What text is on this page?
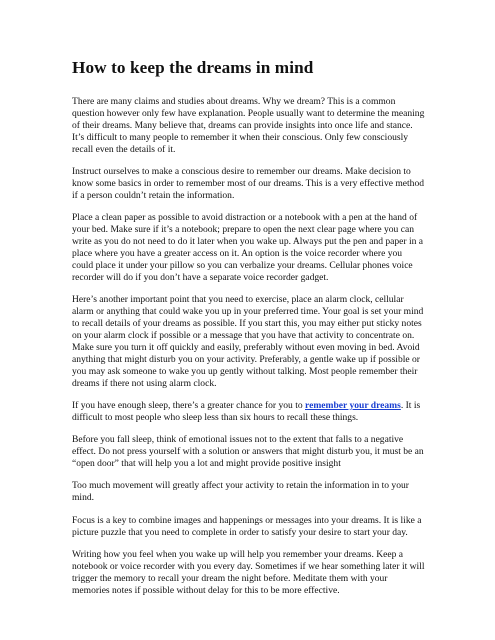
How to keep the dreams in mind

There are many claims and studies about dreams. Why we dream? This is a common question however only few have explanation. People usually want to determine the meaning of their dreams. Many believe that, dreams can provide insights into once life and stance. It’s difficult to many people to remember it when their conscious. Only few consciously recall even the details of it.

Instruct ourselves to make a conscious desire to remember our dreams. Make decision to know some basics in order to remember most of our dreams. This is a very effective method if a person couldn’t retain the information.

Place a clean paper as possible to avoid distraction or a notebook with a pen at the hand of your bed. Make sure if it’s a notebook; prepare to open the next clear page where you can write as you do not need to do it later when you wake up. Always put the pen and paper in a place where you have a greater access on it. An option is the voice recorder where you could place it under your pillow so you can verbalize your dreams. Cellular phones voice recorder will do if you don’t have a separate voice recorder gadget.

Here’s another important point that you need to exercise, place an alarm clock, cellular alarm or anything that could wake you up in your preferred time. Your goal is set your mind to recall details of your dreams as possible. If you start this, you may either put sticky notes on your alarm clock if possible or a message that you have that activity to concentrate on. Make sure you turn it off quickly and easily, preferably without even moving in bed. Avoid anything that might disturb you on your activity. Preferably, a gentle wake up if possible or you may ask someone to wake you up gently without talking. Most people remember their dreams if there not using alarm clock.

If you have enough sleep, there’s a greater chance for you to remember your dreams. It is difficult to most people who sleep less than six hours to recall these things.

Before you fall sleep, think of emotional issues not to the extent that falls to a negative effect. Do not press yourself with a solution or answers that might disturb you, it must be an “open door” that will help you a lot and might provide positive insight

Too much movement will greatly affect your activity to retain the information in to your mind.

Focus is a key to combine images and happenings or messages into your dreams. It is like a picture puzzle that you need to complete in order to satisfy your desire to start your day.

Writing how you feel when you wake up will help you remember your dreams. Keep a notebook or voice recorder with you every day. Sometimes if we hear something later it will trigger the memory to recall your dream the night before. Meditate them with your memories notes if possible without delay for this to be more effective.
